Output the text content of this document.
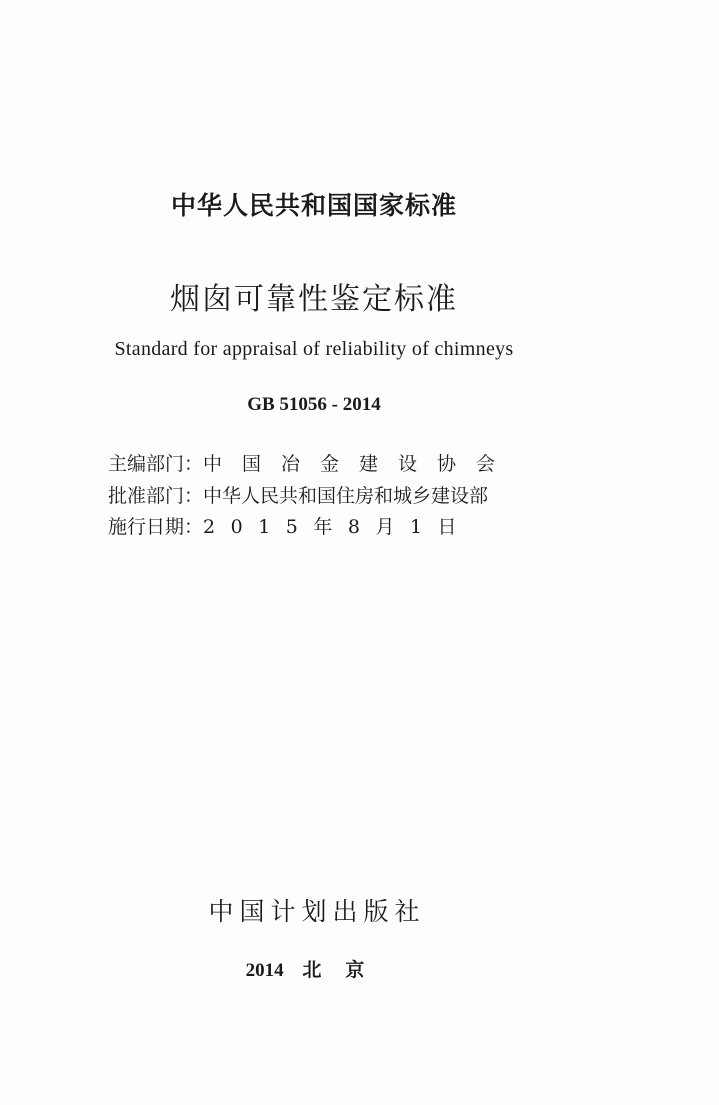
中华人民共和国国家标准
烟囱可靠性鉴定标准
Standard for appraisal of reliability of chimneys
GB 51056 - 2014
主编部门： 中国冶金建设协会
批准部门： 中华人民共和国住房和城乡建设部
施行日期： 2015年8月1日
中国计划出版社
2014 北京
